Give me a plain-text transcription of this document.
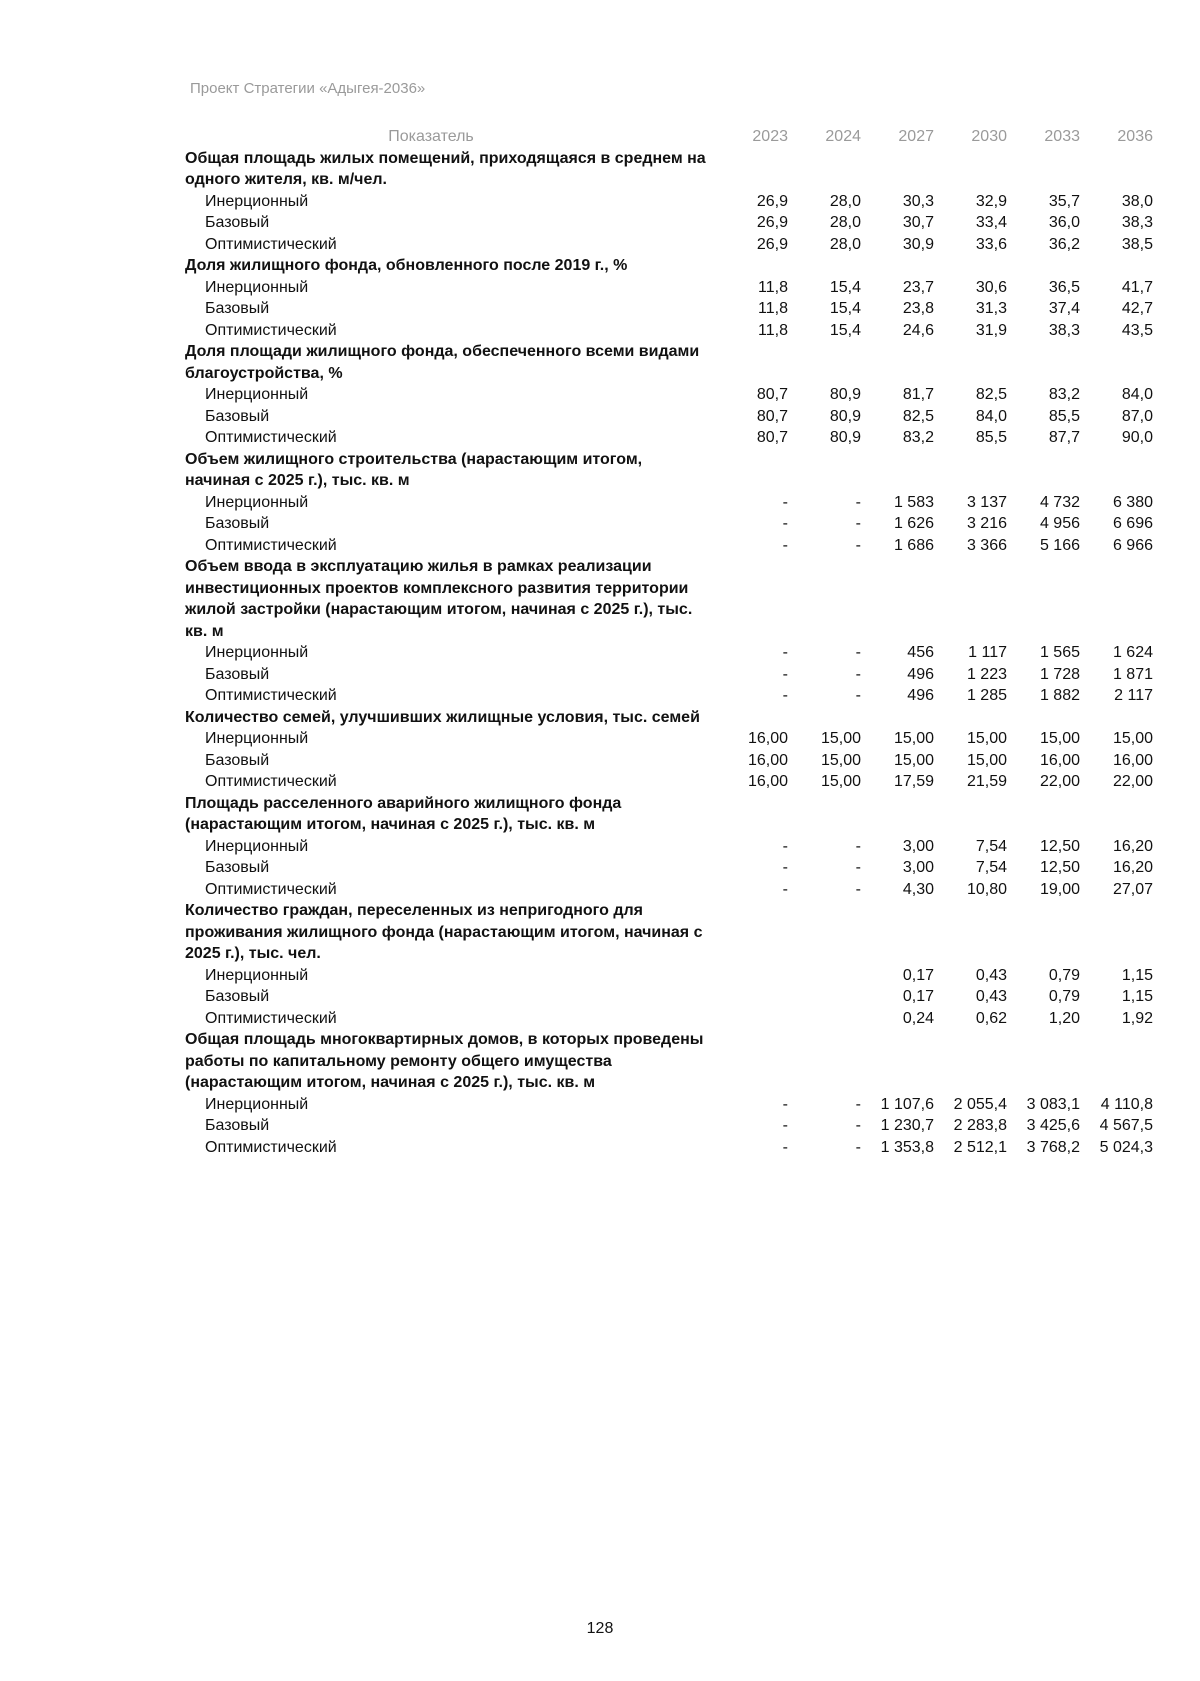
Проект Стратегии «Адыгея-2036»
Показатель	2023	2024	2027	2030	2033	2036
Общая площадь жилых помещений, приходящаяся в среднем на одного жителя, кв. м/чел.						
Инерционный	26,9	28,0	30,3	32,9	35,7	38,0
Базовый	26,9	28,0	30,7	33,4	36,0	38,3
Оптимистический	26,9	28,0	30,9	33,6	36,2	38,5
Доля жилищного фонда, обновленного после 2019 г., %						
Инерционный	11,8	15,4	23,7	30,6	36,5	41,7
Базовый	11,8	15,4	23,8	31,3	37,4	42,7
Оптимистический	11,8	15,4	24,6	31,9	38,3	43,5
Доля площади жилищного фонда, обеспеченного всеми видами благоустройства, %						
Инерционный	80,7	80,9	81,7	82,5	83,2	84,0
Базовый	80,7	80,9	82,5	84,0	85,5	87,0
Оптимистический	80,7	80,9	83,2	85,5	87,7	90,0
Объем жилищного строительства (нарастающим итогом, начиная с 2025 г.), тыс. кв. м						
Инерционный	-	-	1 583	3 137	4 732	6 380
Базовый	-	-	1 626	3 216	4 956	6 696
Оптимистический	-	-	1 686	3 366	5 166	6 966
Объем ввода в эксплуатацию жилья в рамках реализации инвестиционных проектов комплексного развития территории жилой застройки (нарастающим итогом, начиная с 2025 г.), тыс. кв. м						
Инерционный	-	-	456	1 117	1 565	1 624
Базовый	-	-	496	1 223	1 728	1 871
Оптимистический	-	-	496	1 285	1 882	2 117
Количество семей, улучшивших жилищные условия, тыс. семей						
Инерционный	16,00	15,00	15,00	15,00	15,00	15,00
Базовый	16,00	15,00	15,00	15,00	16,00	16,00
Оптимистический	16,00	15,00	17,59	21,59	22,00	22,00
Площадь расселенного аварийного жилищного фонда (нарастающим итогом, начиная с 2025 г.), тыс. кв. м						
Инерционный	-	-	3,00	7,54	12,50	16,20
Базовый	-	-	3,00	7,54	12,50	16,20
Оптимистический	-	-	4,30	10,80	19,00	27,07
Количество граждан, переселенных из непригодного для проживания жилищного фонда (нарастающим итогом, начиная с 2025 г.), тыс. чел.						
Инерционный			0,17	0,43	0,79	1,15
Базовый			0,17	0,43	0,79	1,15
Оптимистический			0,24	0,62	1,20	1,92
Общая площадь многоквартирных домов, в которых проведены работы по капитальному ремонту общего имущества (нарастающим итогом, начиная с 2025 г.), тыс. кв. м						
Инерционный	-	-	1 107,6	2 055,4	3 083,1	4 110,8
Базовый	-	-	1 230,7	2 283,8	3 425,6	4 567,5
Оптимистический	-	-	1 353,8	2 512,1	3 768,2	5 024,3
128
